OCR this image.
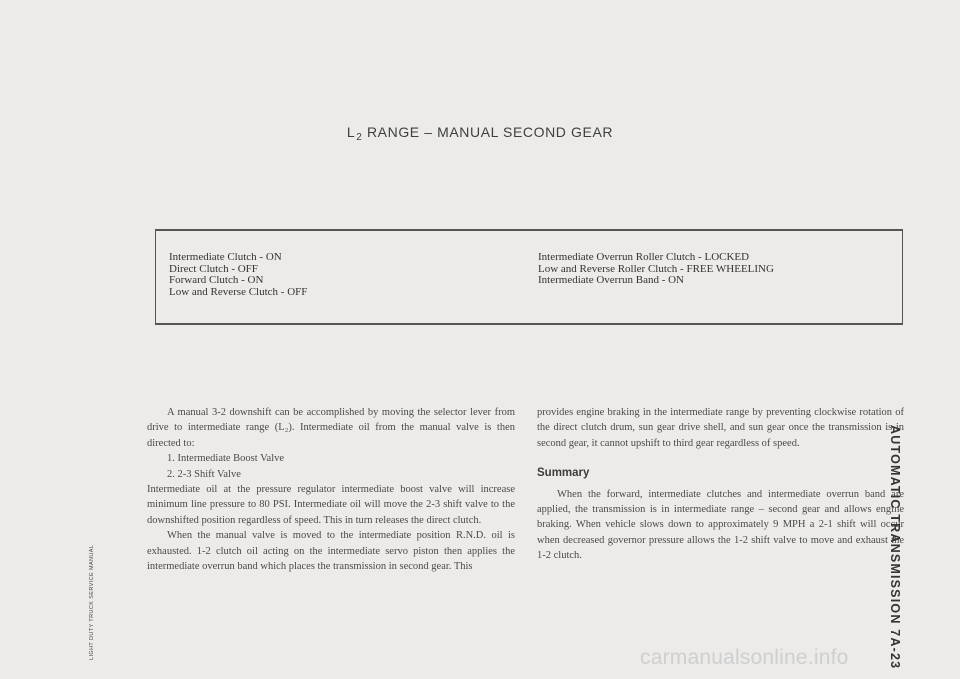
$L_2$ RANGE – MANUAL SECOND GEAR
Intermediate Clutch - ON
Direct Clutch - OFF
Forward Clutch - ON
Low and Reverse Clutch - OFF
Intermediate Overrun Roller Clutch - LOCKED
Low and Reverse Roller Clutch - FREE WHEELING
Intermediate Overrun Band - ON

A manual 3-2 downshift can be accomplished by moving the selector lever from drive to intermediate range (L₂). Intermediate oil from the manual valve is then directed to:

1. Intermediate Boost Valve

2. 2-3 Shift Valve

Intermediate oil at the pressure regulator intermediate boost valve will increase minimum line pressure to 80 PSI. Intermediate oil will move the 2-3 shift valve to the downshifted position regardless of speed. This in turn releases the direct clutch.

When the manual valve is moved to the intermediate position R.N.D. oil is exhausted. 1-2 clutch oil acting on the intermediate servo piston then applies the intermediate overrun band which places the transmission in second gear. This

provides engine braking in the intermediate range by preventing clockwise rotation of the direct clutch drum, sun gear drive shell, and sun gear once the transmission is in second gear, it cannot upshift to third gear regardless of speed.

Summary

When the forward, intermediate clutches and intermediate overrun band are applied, the transmission is in intermediate range – second gear and allows engine braking. When vehicle slows down to approximately 9 MPH a 2-1 shift will occur when decreased governor pressure allows the 1-2 shift valve to move and exhaust the 1-2 clutch.	AUTOMATIC TRANSMISSION 7A-23
LIGHT DUTY TRUCK SERVICE MANUAL	carmanualsonline.info
